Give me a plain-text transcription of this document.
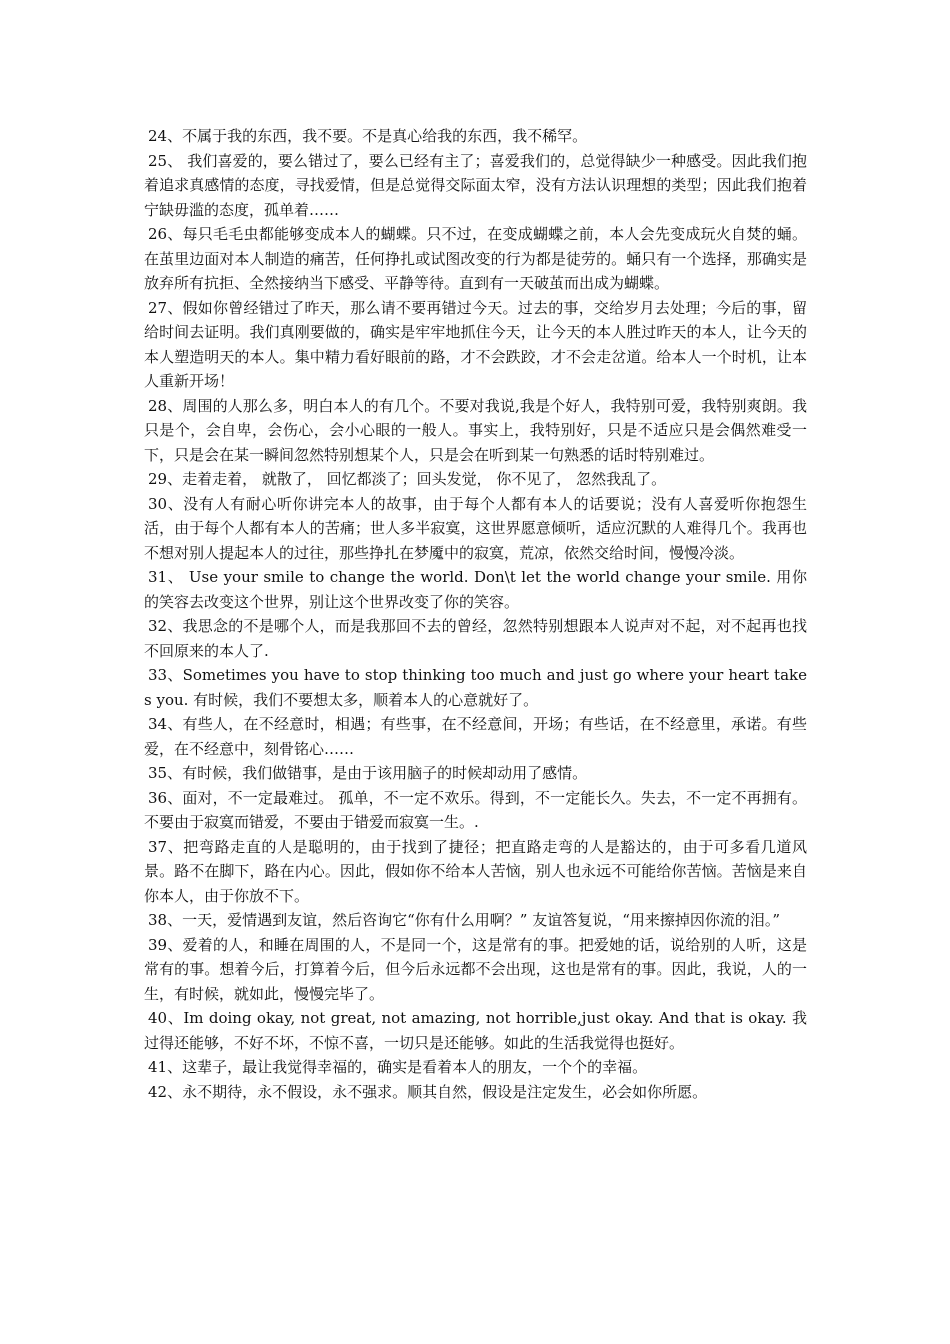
24、不属于我的东西，我不要。不是真心给我的东西，我不稀罕。

25、 我们喜爱的，要么错过了，要么已经有主了；喜爱我们的，总觉得缺少一种感受。因此我们抱着追求真感情的态度，寻找爱情，但是总觉得交际面太窄，没有方法认识理想的类型；因此我们抱着宁缺毋滥的态度，孤单着……

26、每只毛毛虫都能够变成本人的蝴蝶。只不过，在变成蝴蝶之前，本人会先变成玩火自焚的蛹。在茧里边面对本人制造的痛苦，任何挣扎或试图改变的行为都是徒劳的。蛹只有一个选择，那确实是放弃所有抗拒、全然接纳当下感受、平静等待。直到有一天破茧而出成为蝴蝶。

27、假如你曾经错过了昨天，那么请不要再错过今天。过去的事，交给岁月去处理；今后的事，留给时间去证明。我们真刚要做的，确实是牢牢地抓住今天，让今天的本人胜过昨天的本人，让今天的本人塑造明天的本人。集中精力看好眼前的路，才不会跌跤，才不会走岔道。给本人一个时机，让本人重新开场！

28、周围的人那么多，明白本人的有几个。不要对我说,我是个好人，我特别可爱，我特别爽朗。我只是个，会自卑，会伤心，会小心眼的一般人。事实上，我特别好，只是不适应只是会偶然难受一下，只是会在某一瞬间忽然特别想某个人，只是会在听到某一句熟悉的话时特别难过。

29、走着走着， 就散了， 回忆都淡了；回头发觉， 你不见了， 忽然我乱了。

30、没有人有耐心听你讲完本人的故事，由于每个人都有本人的话要说；没有人喜爱听你抱怨生活，由于每个人都有本人的苦痛；世人多半寂寞，这世界愿意倾听，适应沉默的人难得几个。我再也不想对别人提起本人的过往，那些挣扎在梦魇中的寂寞，荒凉，依然交给时间，慢慢冷淡。

31、 Use your smile to change the world. Don\t let the world change your smile. 用你的笑容去改变这个世界，别让这个世界改变了你的笑容。

32、我思念的不是哪个人，而是我那回不去的曾经，忽然特别想跟本人说声对不起，对不起再也找不回原来的本人了.

33、Sometimes you have to stop thinking too much and just go where your heart takes you. 有时候，我们不要想太多，顺着本人的心意就好了。

34、有些人，在不经意时，相遇；有些事，在不经意间，开场；有些话，在不经意里，承诺。有些爱，在不经意中，刻骨铭心……

35、有时候，我们做错事，是由于该用脑子的时候却动用了感情。

36、面对，不一定最难过。 孤单，不一定不欢乐。得到，不一定能长久。失去，不一定不再拥有。不要由于寂寞而错爱，不要由于错爱而寂寞一生。.

37、把弯路走直的人是聪明的，由于找到了捷径；把直路走弯的人是豁达的，由于可多看几道风景。路不在脚下，路在内心。因此，假如你不给本人苦恼，别人也永远不可能给你苦恼。苦恼是来自你本人，由于你放不下。

38、一天，爱情遇到友谊，然后咨询它“你有什么用啊？” 友谊答复说，“用来擦掉因你流的泪。”

39、爱着的人，和睡在周围的人，不是同一个，这是常有的事。把爱她的话，说给别的人听，这是常有的事。想着今后，打算着今后，但今后永远都不会出现，这也是常有的事。因此，我说，人的一生，有时候，就如此，慢慢完毕了。

40、Im doing okay, not great, not amazing, not horrible,just okay. And that is okay. 我过得还能够，不好不坏，不惊不喜，一切只是还能够。如此的生活我觉得也挺好。

41、这辈子，最让我觉得幸福的，确实是看着本人的朋友，一个个的幸福。

42、永不期待，永不假设，永不强求。顺其自然，假设是注定发生，必会如你所愿。
